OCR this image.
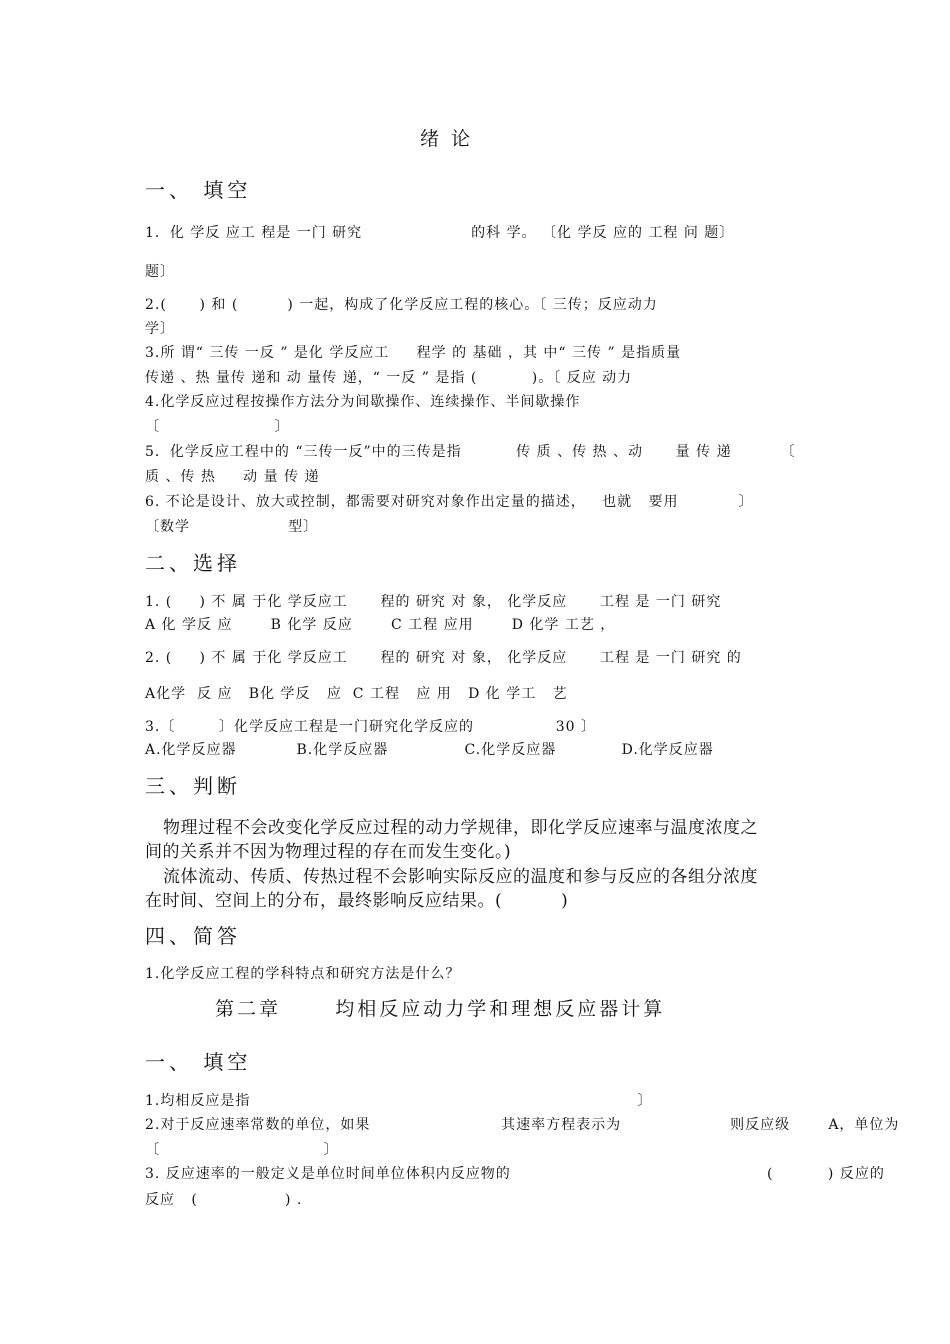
绪 论
一、 填空
1．化 学反 应工 程是 一门 研究                    的科 学。 〔化 学反 应的 工程 问 题〕
题〕
2.(      ) 和 (         ) 一起，构成了化学反应工程的核心。〔 三传；反应动力
学〕
3.所 谓“ 三传 一反 ” 是化 学反应工     程学 的 基础 ，其 中“ 三传 ” 是指质量
传递 、热 量传 递和 动 量传 递，“ 一反 ” 是指 (          )。〔 反应 动力
4.化学反应过程按操作方法分为间歇操作、连续操作、半间歇操作
〔                     〕
5．化学反应工程中的 “三传一反”中的三传是指          传 质 、传 热 、动      量 传 递         〔
质 、传 热     动 量 传 递
6. 不论是设计、放大或控制，都需要对研究对象作出定量的描述，   也就   要用           〕
〔数学                  型〕
二、选择
1. (     ) 不 属 于化 学反应工      程的 研究 对 象， 化学反应      工程 是 一门 研究
A 化 学反 应       B 化学 反应       C 工程 应用       D 化学 工艺 ，
2. (     ) 不 属 于化 学反应工      程的 研究 对 象， 化学反应      工程 是 一门 研究 的
A化学  反 应   B化 学反   应  C 工程   应 用   D 化 学工   艺
3.〔        〕化学反应工程是一门研究化学反应的               30 〕
A.化学反应器           B.化学反应器              C.化学反应器            D.化学反应器
三、判断
物理过程不会改变化学反应过程的动力学规律，即化学反应速率与温度浓度之
间的关系并不因为物理过程的存在而发生变化。)
流体流动、传质、传热过程不会影响实际反应的温度和参与反应的各组分浓度
在时间、空间上的分布，最终影响反应结果。(          )
四、简答
1.化学反应工程的学科特点和研究方法是什么？
第二章      均相反应动力学和理想反应器计算
一、 填空
1.均相反应是指                                                                       〕
2.对于反应速率常数的单位，如果                        其速率方程表示为                    则反应级       A，单位为
〔                              〕
3. 反应速率的一般定义是单位时间单位体积内反应物的                                               (          ) 反应的
反应   (                ) .
